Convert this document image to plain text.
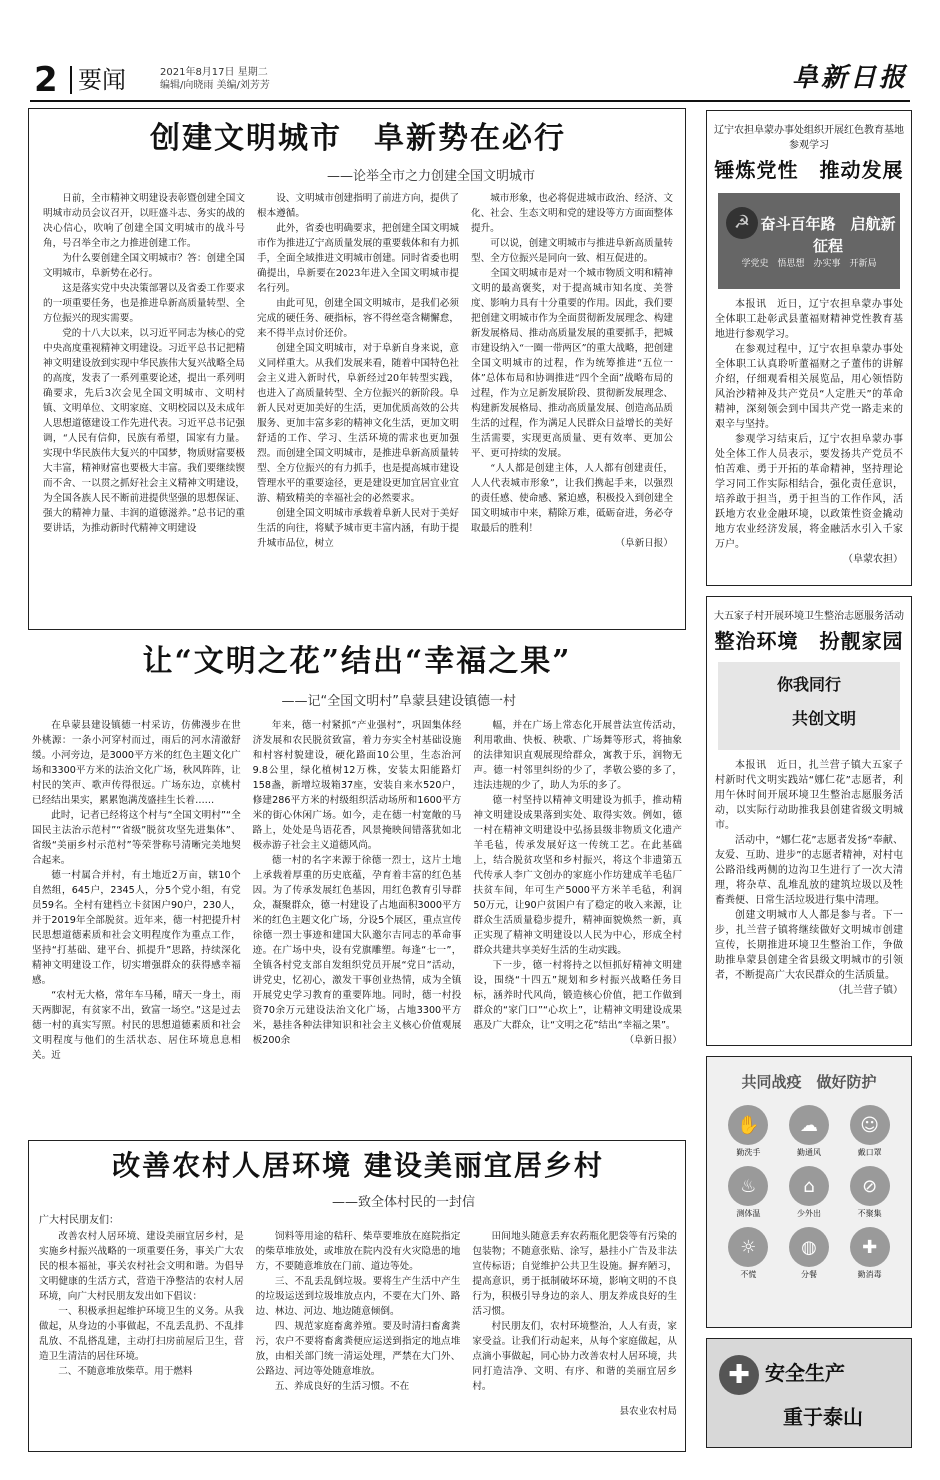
2 要闻	2021年8月17日 星期二
编辑/向晓雨 美编/刘芳芳	阜新日报
创建文明城市　阜新势在必行
——论举全市之力创建全国文明城市

日前，全市精神文明建设表彰暨创建全国文明城市动员会议召开，以旺盛斗志、务实的战的决心信心，吹响了创建全国文明城市的战斗号角，号召举全市之力推进创建工作。

为什么要创建全国文明城市？答：创建全国文明城市，阜新势在必行。

这是落实党中央决策部署以及省委工作要求的一项重要任务，也是推进阜新高质量转型、全方位振兴的现实需要。

党的十八大以来，以习近平同志为核心的党中央高度重视精神文明建设。习近平总书记把精神文明建设放到实现中华民族伟大复兴战略全局的高度，发表了一系列重要论述，提出一系列明确要求，先后3次会见全国文明城市、文明村镇、文明单位、文明家庭、文明校园以及未成年人思想道德建设工作先进代表。习近平总书记强调，“人民有信仰，民族有希望，国家有力量。实现中华民族伟大复兴的中国梦，物质财富要极大丰富，精神财富也要极大丰富。我们要继续锲而不舍、一以贯之抓好社会主义精神文明建设，为全国各族人民不断前进提供坚强的思想保证、强大的精神力量、丰润的道德滋养。”总书记的重要讲话，为推动新时代精神文明建设

设、文明城市创建指明了前进方向，提供了根本遵循。

此外，省委也明确要求，把创建全国文明城市作为推进辽宁高质量发展的重要载体和有力抓手，全面全域推进文明城市创建。同时省委也明确提出，阜新要在2023年进入全国文明城市提名行列。

由此可见，创建全国文明城市，是我们必须完成的硬任务、硬指标，容不得丝毫含糊懈怠，来不得半点讨价还价。

创建全国文明城市，对于阜新自身来说，意义同样重大。从我们发展来看，随着中国特色社会主义进入新时代，阜新经过20年转型实践，也进入了高质量转型、全方位振兴的新阶段。阜新人民对更加美好的生活，更加优质高效的公共服务、更加丰富多彩的精神文化生活，更加文明舒适的工作、学习、生活环境的需求也更加强烈。而创建全国文明城市，是推进阜新高质量转型、全方位振兴的有力抓手，也是提高城市建设管理水平的重要途径，更是建设更加宜居宜业宜游、精致精美的幸福社会的必然要求。

创建全国文明城市承载着阜新人民对于美好生活的向往，将赋予城市更丰富内涵，有助于提升城市品位，树立

城市形象，也必将促进城市政治、经济、文化、社会、生态文明和党的建设等方方面面整体提升。

可以说，创建文明城市与推进阜新高质量转型、全方位振兴是同向一致、相互促进的。

全国文明城市是对一个城市物质文明和精神文明的最高褒奖，对于提高城市知名度、美誉度、影响力具有十分重要的作用。因此，我们要把创建文明城市作为全面贯彻新发展理念、构建新发展格局、推动高质量发展的重要抓手，把城市建设纳入“一圈一带两区”的重大战略，把创建全国文明城市的过程，作为统筹推进“五位一体”总体布局和协调推进“四个全面”战略布局的过程，作为立足新发展阶段、贯彻新发展理念、构建新发展格局、推动高质量发展、创造高品质生活的过程，作为满足人民群众日益增长的美好生活需要，实现更高质量、更有效率、更加公平、更可持续的发展。

“人人都是创建主体，人人都有创建责任，人人代表城市形象”，让我们携起手来，以强烈的责任感、使命感、紧迫感，积极投入到创建全国文明城市中来，精除万难，砥砺奋进，务必夺取最后的胜利！

（阜新日报）

让“文明之花”结出“幸福之果”
——记“全国文明村”阜蒙县建设镇德一村

在阜蒙县建设镇德一村采访，仿佛漫步在世外桃源：一条小河穿村而过，雨后的河水清澈舒缓。小河旁边，是3000平方米的红色主题文化广场和3300平方米的法治文化广场，秋风阵阵，让村民的笑声、歌声传得很远。广场东边，京桃村已经结出果实，累累饱满茂盛挂生长着……

此时，记者已经将这个村与“全国文明村”“全国民主法治示范村”“省级”脱贫攻坚先进集体”、省级“美丽乡村示范村”等荣誉称号清晰完美地契合起来。

德一村属合并村，有土地近2万亩，辖10个自然组，645户，2345人，分5个党小组，有党员59名。全村有建档立卡贫困户90户，230人，并于2019年全部脱贫。近年来，德一村把提升村民思想道德素质和社会文明程度作为重点工作，坚持“打基础、建平台、抓提升”思路，持续深化精神文明建设工作，切实增强群众的获得感幸福感。

“农村无大格，常年车马稀，晴天一身土，雨天两脚泥，有贫家不出，致富一场空。”这是过去德一村的真实写照。村民的思想道德素质和社会文明程度与他们的生活状态、居住环境息息相关。近

年来，德一村紧抓“产业强村”，巩固集体经济发展和农民脱贫致富，着力夯实全村基础设施和村容村貌建设，硬化路面10公里，生态治河9.8公里，绿化植树12万株，安装太阳能路灯158盏，新增垃圾箱37座，安装自来水520户，修建286平方米的村级组织活动场所和1600平方米的街心休闲广场。如今，走在德一村宽敞的马路上，处处是鸟语花香，风景掩映间错落犹如北极赤游子社会主义道德风尚。

德一村的名字来源于徐德一烈士，这片土地上承载着厚重的历史底蕴，孕育着丰富的红色基因。为了传承发展红色基因，用红色教育引导群众，凝聚群众，德一村建设了占地面积3000平方米的红色主题文化广场，分设5个展区，重点宣传徐德一烈士事迹和建国大队邀尔吉同志的革命事迹。在广场中央，设有党旗雕塑。每逢“七一”，全镇各村党支部自发组织党员开展“党日”活动，讲党史，忆初心，激发干事创业热情，成为全镇开展党史学习教育的重要阵地。同时，德一村投资70余万元建设法治文化广场，占地3300平方米，悬挂各种法律知识和社会主义核心价值观展板200余

幅，并在广场上常态化开展普法宣传活动，利用歌曲、快板、秧歌、广场舞等形式，将抽象的法律知识直观展现给群众，寓教于乐，润物无声。德一村邻里纠纷的少了，孝敬公婆的多了，违法违规的少了，助人为乐的多了。

德一村坚持以精神文明建设为抓手，推动精神文明建设成果落到实处、取得实效。例如，德一村在精神文明建设中弘扬县级非物质文化遗产羊毛毡，传承发展好这一传统工艺。在此基础上，结合脱贫攻坚和乡村振兴，将这个非遗第五代传承人李广文创办的家庭小作坊建成羊毛毡厂扶贫车间，年可生产5000平方米羊毛毡，利润50万元，让90户贫困户有了稳定的收入来源，让群众生活质量稳步提升，精神面貌焕然一新，真正实现了精神文明建设以人民为中心，形成全村群众共建共享美好生活的生动实践。

下一步，德一村将持之以恒抓好精神文明建设，围绕“十四五”规划和乡村振兴战略任务目标，涵养时代风尚，锻造核心价值，把工作做到群众的“家门口”“心坎上”，让精神文明建设成果惠及广大群众，让“文明之花”结出“幸福之果”。

（阜新日报）

改善农村人居环境 建设美丽宜居乡村
——致全体村民的一封信
广大村民朋友们：

改善农村人居环境、建设美丽宜居乡村，是实施乡村振兴战略的一项重要任务，事关广大农民的根本福祉，事关农村社会文明和谐。为倡导文明健康的生活方式，营造干净整洁的农村人居环境，向广大村民朋友发出如下倡议：

一、积极承担起维护环境卫生的义务。从我做起，从身边的小事做起，不乱丢乱扔、不乱排乱放、不乱搭乱建，主动打扫房前屋后卫生，营造卫生清洁的居住环境。

二、不随意堆放柴草。用于燃料

饲料等用途的秸秆、柴草要堆放在庭院指定的柴草堆放处，或堆放在院内没有火灾隐患的地方，不要随意堆放在门前、道边等处。

三、不乱丢乱倒垃圾。要将生产生活中产生的垃圾运送到垃圾堆放点内，不要在大门外、路边、林边、河边、地边随意倾倒。

四、规范家庭畜禽养殖。要及时清扫畜禽粪污，农户不要将畜禽粪便应运送到指定的地点堆放，由相关部门统一清运处理，严禁在大门外、公路边、河边等处随意堆放。

五、养成良好的生活习惯。不在

田间地头随意丢弃农药瓶化肥袋等有污染的包装物；不随意张贴、涂写，悬挂小广告及非法宣传标语；自觉维护公共卫生设施。摒弃陋习，提高意识，勇于抵制破坏环境，影响文明的不良行为，积极引导身边的亲人、朋友养成良好的生活习惯。

村民朋友们，农村环境整治，人人有责，家家受益。让我们行动起来，从每个家庭做起，从点滴小事做起，同心协力改善农村人居环境，共同打造洁净、文明、有序、和谐的美丽宜居乡村。

县农业农村局

辽宁农担阜蒙办事处组织开展红色教育基地参观学习
锤炼党性　推动发展
☭ 奋斗百年路　启航新征程
学党史　悟思想　办实事　开新局

本报讯　近日，辽宁农担阜蒙办事处全体职工赴彰武县董福财精神党性教育基地进行参观学习。

在参观过程中，辽宁农担阜蒙办事处全体职工认真聆听董福财之子董伟的讲解介绍，仔细观看相关展览品，用心领悟防风治沙精神及共产党员“人定胜天”的革命精神，深刻领会到中国共产党一路走来的艰辛与坚持。

参观学习结束后，辽宁农担阜蒙办事处全体工作人员表示，要发扬共产党员不怕苦难、勇于开拓的革命精神，坚持理论学习同工作实际相结合，强化责任意识，培养敢于担当，勇于担当的工作作风，活跃地方农业金融环境，以政策性资金撬动地方农业经济发展，将金融活水引入千家万户。

（阜蒙农担）

大五家子村开展环境卫生整治志愿服务活动
整治环境　扮靓家园
你我同行
共创文明

本报讯　近日，扎兰营子镇大五家子村新时代文明实践站“娜仁花”志愿者，利用午休时间开展环境卫生整治志愿服务活动，以实际行动助推我县创建省级文明城市。

活动中，“娜仁花”志愿者发扬“奉献、友爱、互助、进步”的志愿者精神，对村屯公路沿线两侧的边沟卫生进行了一次大清理，将杂草、乱堆乱放的建筑垃圾以及牲畜粪便、日常生活垃圾进行集中清理。

创建文明城市人人都是参与者。下一步，扎兰营子镇将继续做好文明城市创建宣传，长期推进环境卫生整治工作，争做助推阜蒙县创建全省县级文明城市的引领者，不断提高广大农民群众的生活质量。

（扎兰营子镇）

共同战疫　做好防护
✋
勤洗手
☁
勤通风
☺
戴口罩
♨
测体温
⌂
少外出
⊘
不聚集
☼
不慌
◍
分餐
✚
勤消毒
✚ 安全生产
重于泰山
